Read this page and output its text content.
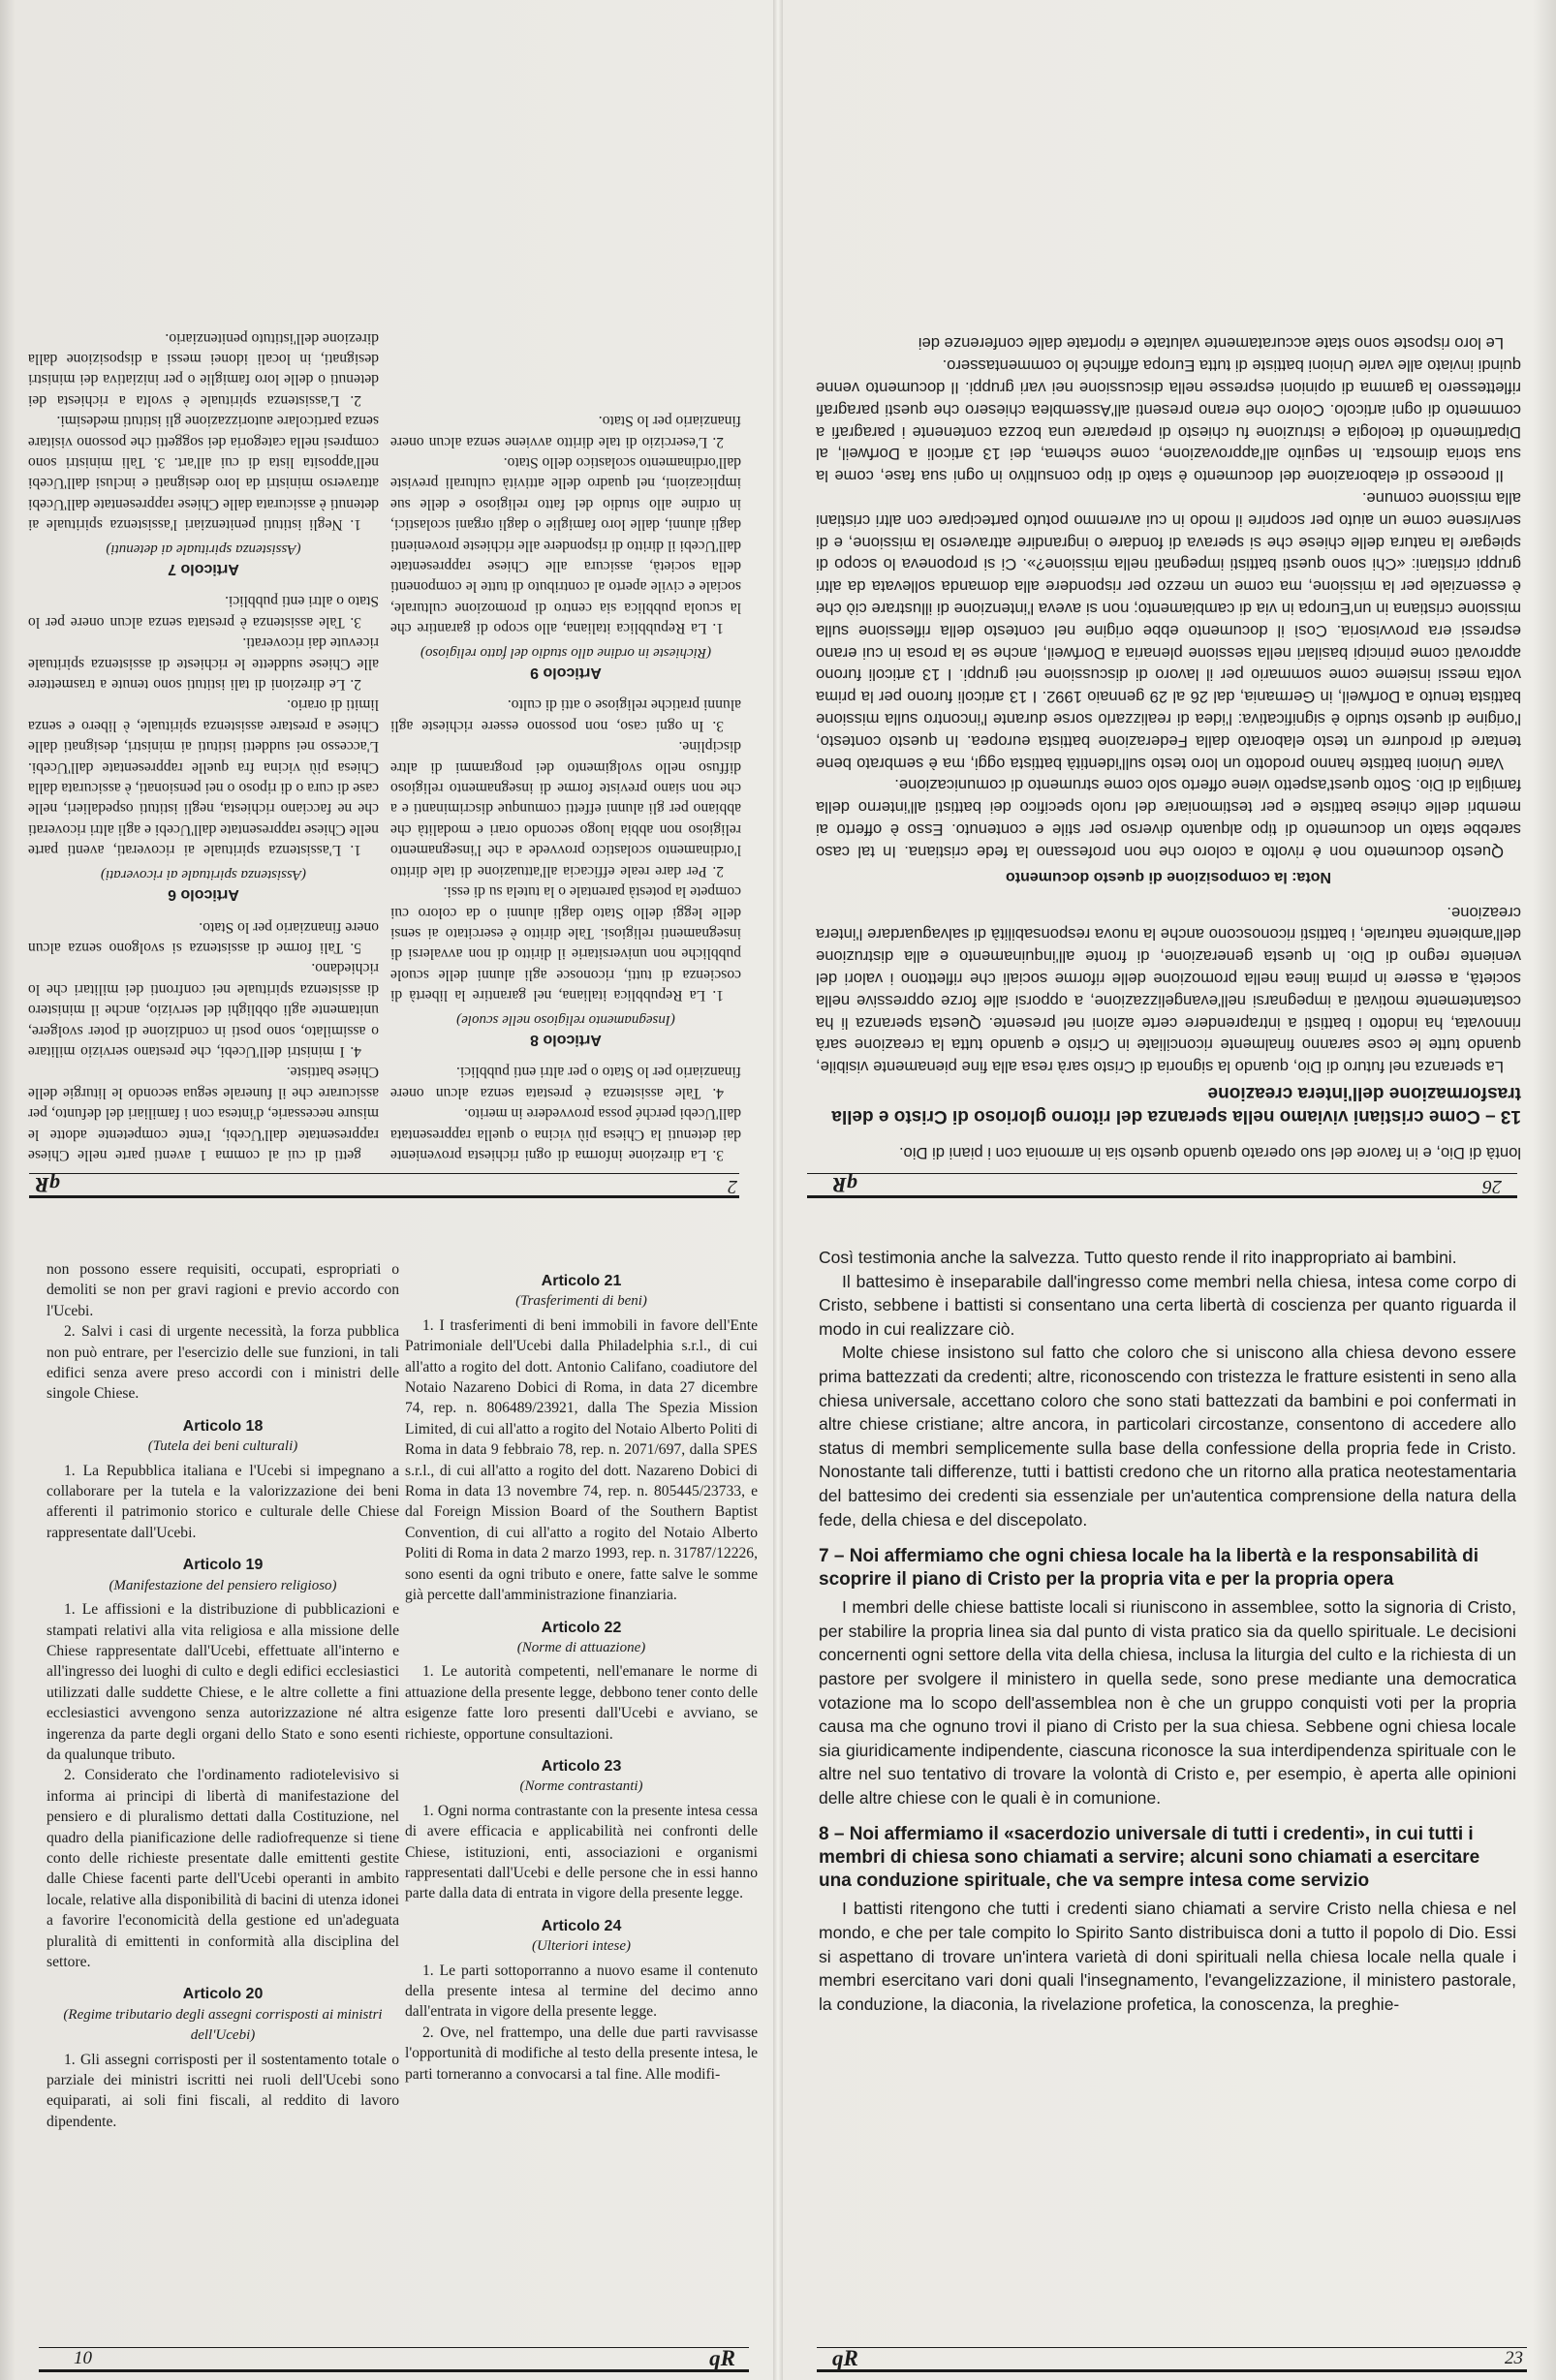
2
qR
getti di cui al comma 1 aventi parte nelle Chiese rappresentate dall'Ucebi, l'ente competente adotte le misure necessarie, d'intesa con i familiari del defunto, per assicurare che il funerale segua secondo le liturgie delle Chiese battiste.
4. I ministri dell'Ucebi, che prestano servizio militare o assimilato, sono posti in condizione di poter svolgere, unitamente agli obblighi del servizio, anche il ministero di assistenza spirituale nei confronti dei militari che lo richiedano.
5. Tali forme di assistenza si svolgono senza alcun onere finanziario per lo Stato.
Articolo 6
(Assistenza spirituale ai ricoverati)
1. L'assistenza spirituale ai ricoverati, aventi parte nelle Chiese rappresentate dall'Ucebi e agli altri ricoverati che ne facciano richiesta, negli istituti ospedalieri, nelle case di cura o di riposo o nei pensionati, è assicurata dalla Chiesa più vicina fra quelle rappresentate dall'Ucebi. L'accesso nei suddetti istituti ai ministri, designati dalle Chiese a prestare assistenza spirituale, è libero e senza limiti di orario.
2. Le direzioni di tali istituti sono tenute a trasmettere alle Chiese suddette le richieste di assistenza spirituale ricevute dai ricoverati.
3. Tale assistenza è prestata senza alcun onere per lo Stato o altri enti pubblici.
Articolo 7
(Assistenza spirituale ai detenuti)
1. Negli istituti penitenziari l'assistenza spirituale ai detenuti è assicurata dalle Chiese rappresentate dall'Ucebi attraverso ministri da loro designati e inclusi dall'Ucebi nell'apposita lista di cui all'art. 3. Tali ministri sono compresi nella categoria dei soggetti che possono visitare senza particolare autorizzazione gli istituti medesimi.
2. L'assistenza spirituale è svolta a richiesta dei detenuti o delle loro famiglie o per iniziativa dei ministri designati, in locali idonei messi a disposizione dalla direzione dell'istituto penitenziario.
3. La direzione informa di ogni richiesta proveniente dai detenuti la Chiesa più vicina o quella rappresentata dall'Ucebi perché possa provvedere in merito.
4. Tale assistenza è prestata senza alcun onere finanziario per lo Stato o per altri enti pubblici.
Articolo 8
(Insegnamento religioso nelle scuole)
1. La Repubblica italiana, nel garantire la libertà di coscienza di tutti, riconosce agli alunni delle scuole pubbliche non universitarie il diritto di non avvalersi di insegnamenti religiosi. Tale diritto è esercitato ai sensi delle leggi dello Stato dagli alunni o da coloro cui compete la potestà parentale o la tutela su di essi.
2. Per dare reale efficacia all'attuazione di tale diritto l'ordinamento scolastico provvede a che l'insegnamento religioso non abbia luogo secondo orari e modalità che abbiano per gli alunni effetti comunque discriminanti e a che non siano previste forme di insegnamento religioso diffuso nello svolgimento dei programmi di altre discipline.
3. In ogni caso, non possono essere richieste agli alunni pratiche religiose o atti di culto.
Articolo 9
(Richieste in ordine allo studio del fatto religioso)
1. La Repubblica italiana, allo scopo di garantire che la scuola pubblica sia centro di promozione culturale, sociale e civile aperto al contributo di tutte le componenti della società, assicura alle Chiese rappresentate dall'Ucebi il diritto di rispondere alle richieste provenienti dagli alunni, dalle loro famiglie o dagli organi scolastici, in ordine allo studio del fatto religioso e delle sue implicazioni, nel quadro delle attività culturali previste dall'ordinamento scolastico dello Stato.
2. L'esercizio di tale diritto avviene senza alcun onere finanziario per lo Stato.
non possono essere requisiti, occupati, espropriati o demoliti se non per gravi ragioni e previo accordo con l'Ucebi.
2. Salvi i casi di urgente necessità, la forza pubblica non può entrare, per l'esercizio delle sue funzioni, in tali edifici senza avere preso accordi con i ministri delle singole Chiese.
Articolo 18
(Tutela dei beni culturali)
1. La Repubblica italiana e l'Ucebi si impegnano a collaborare per la tutela e la valorizzazione dei beni afferenti il patrimonio storico e culturale delle Chiese rappresentate dall'Ucebi.
Articolo 19
(Manifestazione del pensiero religioso)
1. Le affissioni e la distribuzione di pubblicazioni e stampati relativi alla vita religiosa e alla missione delle Chiese rappresentate dall'Ucebi, effettuate all'interno e all'ingresso dei luoghi di culto e degli edifici ecclesiastici utilizzati dalle suddette Chiese, e le altre collette a fini ecclesiastici avvengono senza autorizzazione né altra ingerenza da parte degli organi dello Stato e sono esenti da qualunque tributo.
2. Considerato che l'ordinamento radiotelevisivo si informa ai principi di libertà di manifestazione del pensiero e di pluralismo dettati dalla Costituzione, nel quadro della pianificazione delle radiofrequenze si tiene conto delle richieste presentate dalle emittenti gestite dalle Chiese facenti parte dell'Ucebi operanti in ambito locale, relative alla disponibilità di bacini di utenza idonei a favorire l'economicità della gestione ed un'adeguata pluralità di emittenti in conformità alla disciplina del settore.
Articolo 20
(Regime tributario degli assegni corrisposti ai ministri dell'Ucebi)
1. Gli assegni corrisposti per il sostentamento totale o parziale dei ministri iscritti nei ruoli dell'Ucebi sono equiparati, ai soli fini fiscali, al reddito di lavoro dipendente.
Articolo 21
(Trasferimenti di beni)
1. I trasferimenti di beni immobili in favore dell'Ente Patrimoniale dell'Ucebi dalla Philadelphia s.r.l., di cui all'atto a rogito del dott. Antonio Califano, coadiutore del Notaio Nazareno Dobici di Roma, in data 27 dicembre 74, rep. n. 806489/23921, dalla The Spezia Mission Limited, di cui all'atto a rogito del Notaio Alberto Politi di Roma in data 9 febbraio 78, rep. n. 2071/697, dalla SPES s.r.l., di cui all'atto a rogito del dott. Nazareno Dobici di Roma in data 13 novembre 74, rep. n. 805445/23733, e dal Foreign Mission Board of the Southern Baptist Convention, di cui all'atto a rogito del Notaio Alberto Politi di Roma in data 2 marzo 1993, rep. n. 31787/12226, sono esenti da ogni tributo e onere, fatte salve le somme già percette dall'amministrazione finanziaria.
Articolo 22
(Norme di attuazione)
1. Le autorità competenti, nell'emanare le norme di attuazione della presente legge, debbono tener conto delle esigenze fatte loro presenti dall'Ucebi e avviano, se richieste, opportune consultazioni.
Articolo 23
(Norme contrastanti)
1. Ogni norma contrastante con la presente intesa cessa di avere efficacia e applicabilità nei confronti delle Chiese, istituzioni, enti, associazioni e organismi rappresentati dall'Ucebi e delle persone che in essi hanno parte dalla data di entrata in vigore della presente legge.
Articolo 24
(Ulteriori intese)
1. Le parti sottoporranno a nuovo esame il contenuto della presente intesa al termine del decimo anno dall'entrata in vigore della presente legge.
2. Ove, nel frattempo, una delle due parti ravvisasse l'opportunità di modifiche al testo della presente intesa, le parti torneranno a convocarsi a tal fine. Alle modifi-
10	qR
26
qR
lontà di Dio, e in favore del suo operato quando questo sia in armonia con i piani di Dio.
13 – Come cristiani viviamo nella speranza del ritorno glorioso di Cristo e della trasformazione dell'intera creazione
La speranza nel futuro di Dio, quando la signoria di Cristo sarà resa alla fine pienamente visibile, quando tutte le cose saranno finalmente riconciliate in Cristo e quando tutta la creazione sarà rinnovata, ha indotto i battisti a intraprendere certe azioni nel presente. Questa speranza li ha costantemente motivati a impegnarsi nell'evangelizzazione, a opporsi alle forze oppressive nella società, a essere in prima linea nella promozione delle riforme sociali che riflettono i valori del veniente regno di Dio. In questa generazione, di fronte all'inquinamento e alla distruzione dell'ambiente naturale, i battisti riconoscono anche la nuova responsabilità di salvaguardare l'intera creazione.
Nota: la composizione di questo documento
Questo documento non è rivolto a coloro che non professano la fede cristiana. In tal caso sarebbe stato un documento di tipo alquanto diverso per stile e contenuto. Esso è offerto ai membri delle chiese battiste e per testimoniare del ruolo specifico dei battisti all'interno della famiglia di Dio. Sotto quest'aspetto viene offerto solo come strumento di comunicazione.
Varie Unioni battiste hanno prodotto un loro testo sull'identità battista oggi, ma è sembrato bene tentare di produrre un testo elaborato dalla Federazione battista europea. In questo contesto, l'origine di questo studio è significativa: l'idea di realizzarlo sorse durante l'incontro sulla missione battista tenuto a Dorfweil, in Germania, dal 26 al 29 gennaio 1992. I 13 articoli furono per la prima volta messi insieme come sommario per il lavoro di discussione nei gruppi. I 13 articoli furono approvati come principi basilari nella sessione plenaria a Dorfweil, anche se la prosa in cui erano espressi era provvisoria. Così il documento ebbe origine nel contesto della riflessione sulla missione cristiana in un'Europa in via di cambiamento; non si aveva l'intenzione di illustrare ciò che è essenziale per la missione, ma come un mezzo per rispondere alla domanda sollevata da altri gruppi cristiani: «Chi sono questi battisti impegnati nella missione?». Ci si proponeva lo scopo di spiegare la natura delle chiese che si sperava di fondare o ingrandire attraverso la missione, e di servirsene come un aiuto per scoprire il modo in cui avremmo potuto partecipare con altri cristiani alla missione comune.
Il processo di elaborazione del documento è stato di tipo consultivo in ogni sua fase, come la sua storia dimostra. In seguito all'approvazione, come schema, dei 13 articoli a Dorfweil, al Dipartimento di teologia e istruzione fu chiesto di preparare una bozza contenente i paragrafi a commento di ogni articolo. Coloro che erano presenti all'Assemblea chiesero che questi paragrafi riflettessero la gamma di opinioni espresse nella discussione nei vari gruppi. Il documento venne quindi inviato alle varie Unioni battiste di tutta Europa affinché lo commentassero.
Le loro risposte sono state accuratamente valutate e riportate dalle conferenze dei
Così testimonia anche la salvezza. Tutto questo rende il rito inappropriato ai bambini.
Il battesimo è inseparabile dall'ingresso come membri nella chiesa, intesa come corpo di Cristo, sebbene i battisti si consentano una certa libertà di coscienza per quanto riguarda il modo in cui realizzare ciò.
Molte chiese insistono sul fatto che coloro che si uniscono alla chiesa devono essere prima battezzati da credenti; altre, riconoscendo con tristezza le fratture esistenti in seno alla chiesa universale, accettano coloro che sono stati battezzati da bambini e poi confermati in altre chiese cristiane; altre ancora, in particolari circostanze, consentono di accedere allo status di membri semplicemente sulla base della confessione della propria fede in Cristo. Nonostante tali differenze, tutti i battisti credono che un ritorno alla pratica neotestamentaria del battesimo dei credenti sia essenziale per un'autentica comprensione della natura della fede, della chiesa e del discepolato.
7 – Noi affermiamo che ogni chiesa locale ha la libertà e la responsabilità di scoprire il piano di Cristo per la propria vita e per la propria opera
I membri delle chiese battiste locali si riuniscono in assemblee, sotto la signoria di Cristo, per stabilire la propria linea sia dal punto di vista pratico sia da quello spirituale. Le decisioni concernenti ogni settore della vita della chiesa, inclusa la liturgia del culto e la richiesta di un pastore per svolgere il ministero in quella sede, sono prese mediante una democratica votazione ma lo scopo dell'assemblea non è che un gruppo conquisti voti per la propria causa ma che ognuno trovi il piano di Cristo per la sua chiesa. Sebbene ogni chiesa locale sia giuridicamente indipendente, ciascuna riconosce la sua interdipendenza spirituale con le altre nel suo tentativo di trovare la volontà di Cristo e, per esempio, è aperta alle opinioni delle altre chiese con le quali è in comunione.
8 – Noi affermiamo il «sacerdozio universale di tutti i credenti», in cui tutti i membri di chiesa sono chiamati a servire; alcuni sono chiamati a esercitare una conduzione spirituale, che va sempre intesa come servizio
I battisti ritengono che tutti i credenti siano chiamati a servire Cristo nella chiesa e nel mondo, e che per tale compito lo Spirito Santo distribuisca doni a tutto il popolo di Dio. Essi si aspettano di trovare un'intera varietà di doni spirituali nella chiesa locale nella quale i membri esercitano vari doni quali l'insegnamento, l'evangelizzazione, il ministero pastorale, la conduzione, la diaconia, la rivelazione profetica, la conoscenza, la preghie-
qR	23
